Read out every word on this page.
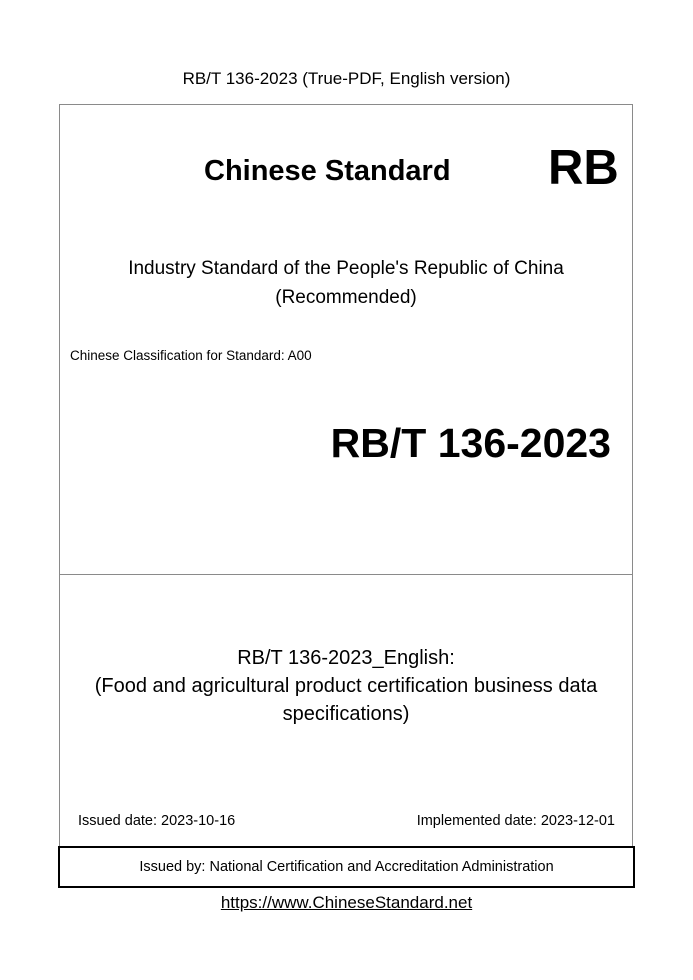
RB/T 136-2023 (True-PDF, English version)
Chinese Standard RB
Industry Standard of the People's Republic of China
(Recommended)
Chinese Classification for Standard: A00
RB/T 136-2023
RB/T 136-2023_English:
(Food and agricultural product certification business data
specifications)
Issued date: 2023-10-16	Implemented date: 2023-12-01
Issued by: National Certification and Accreditation Administration
https://www.ChineseStandard.net
